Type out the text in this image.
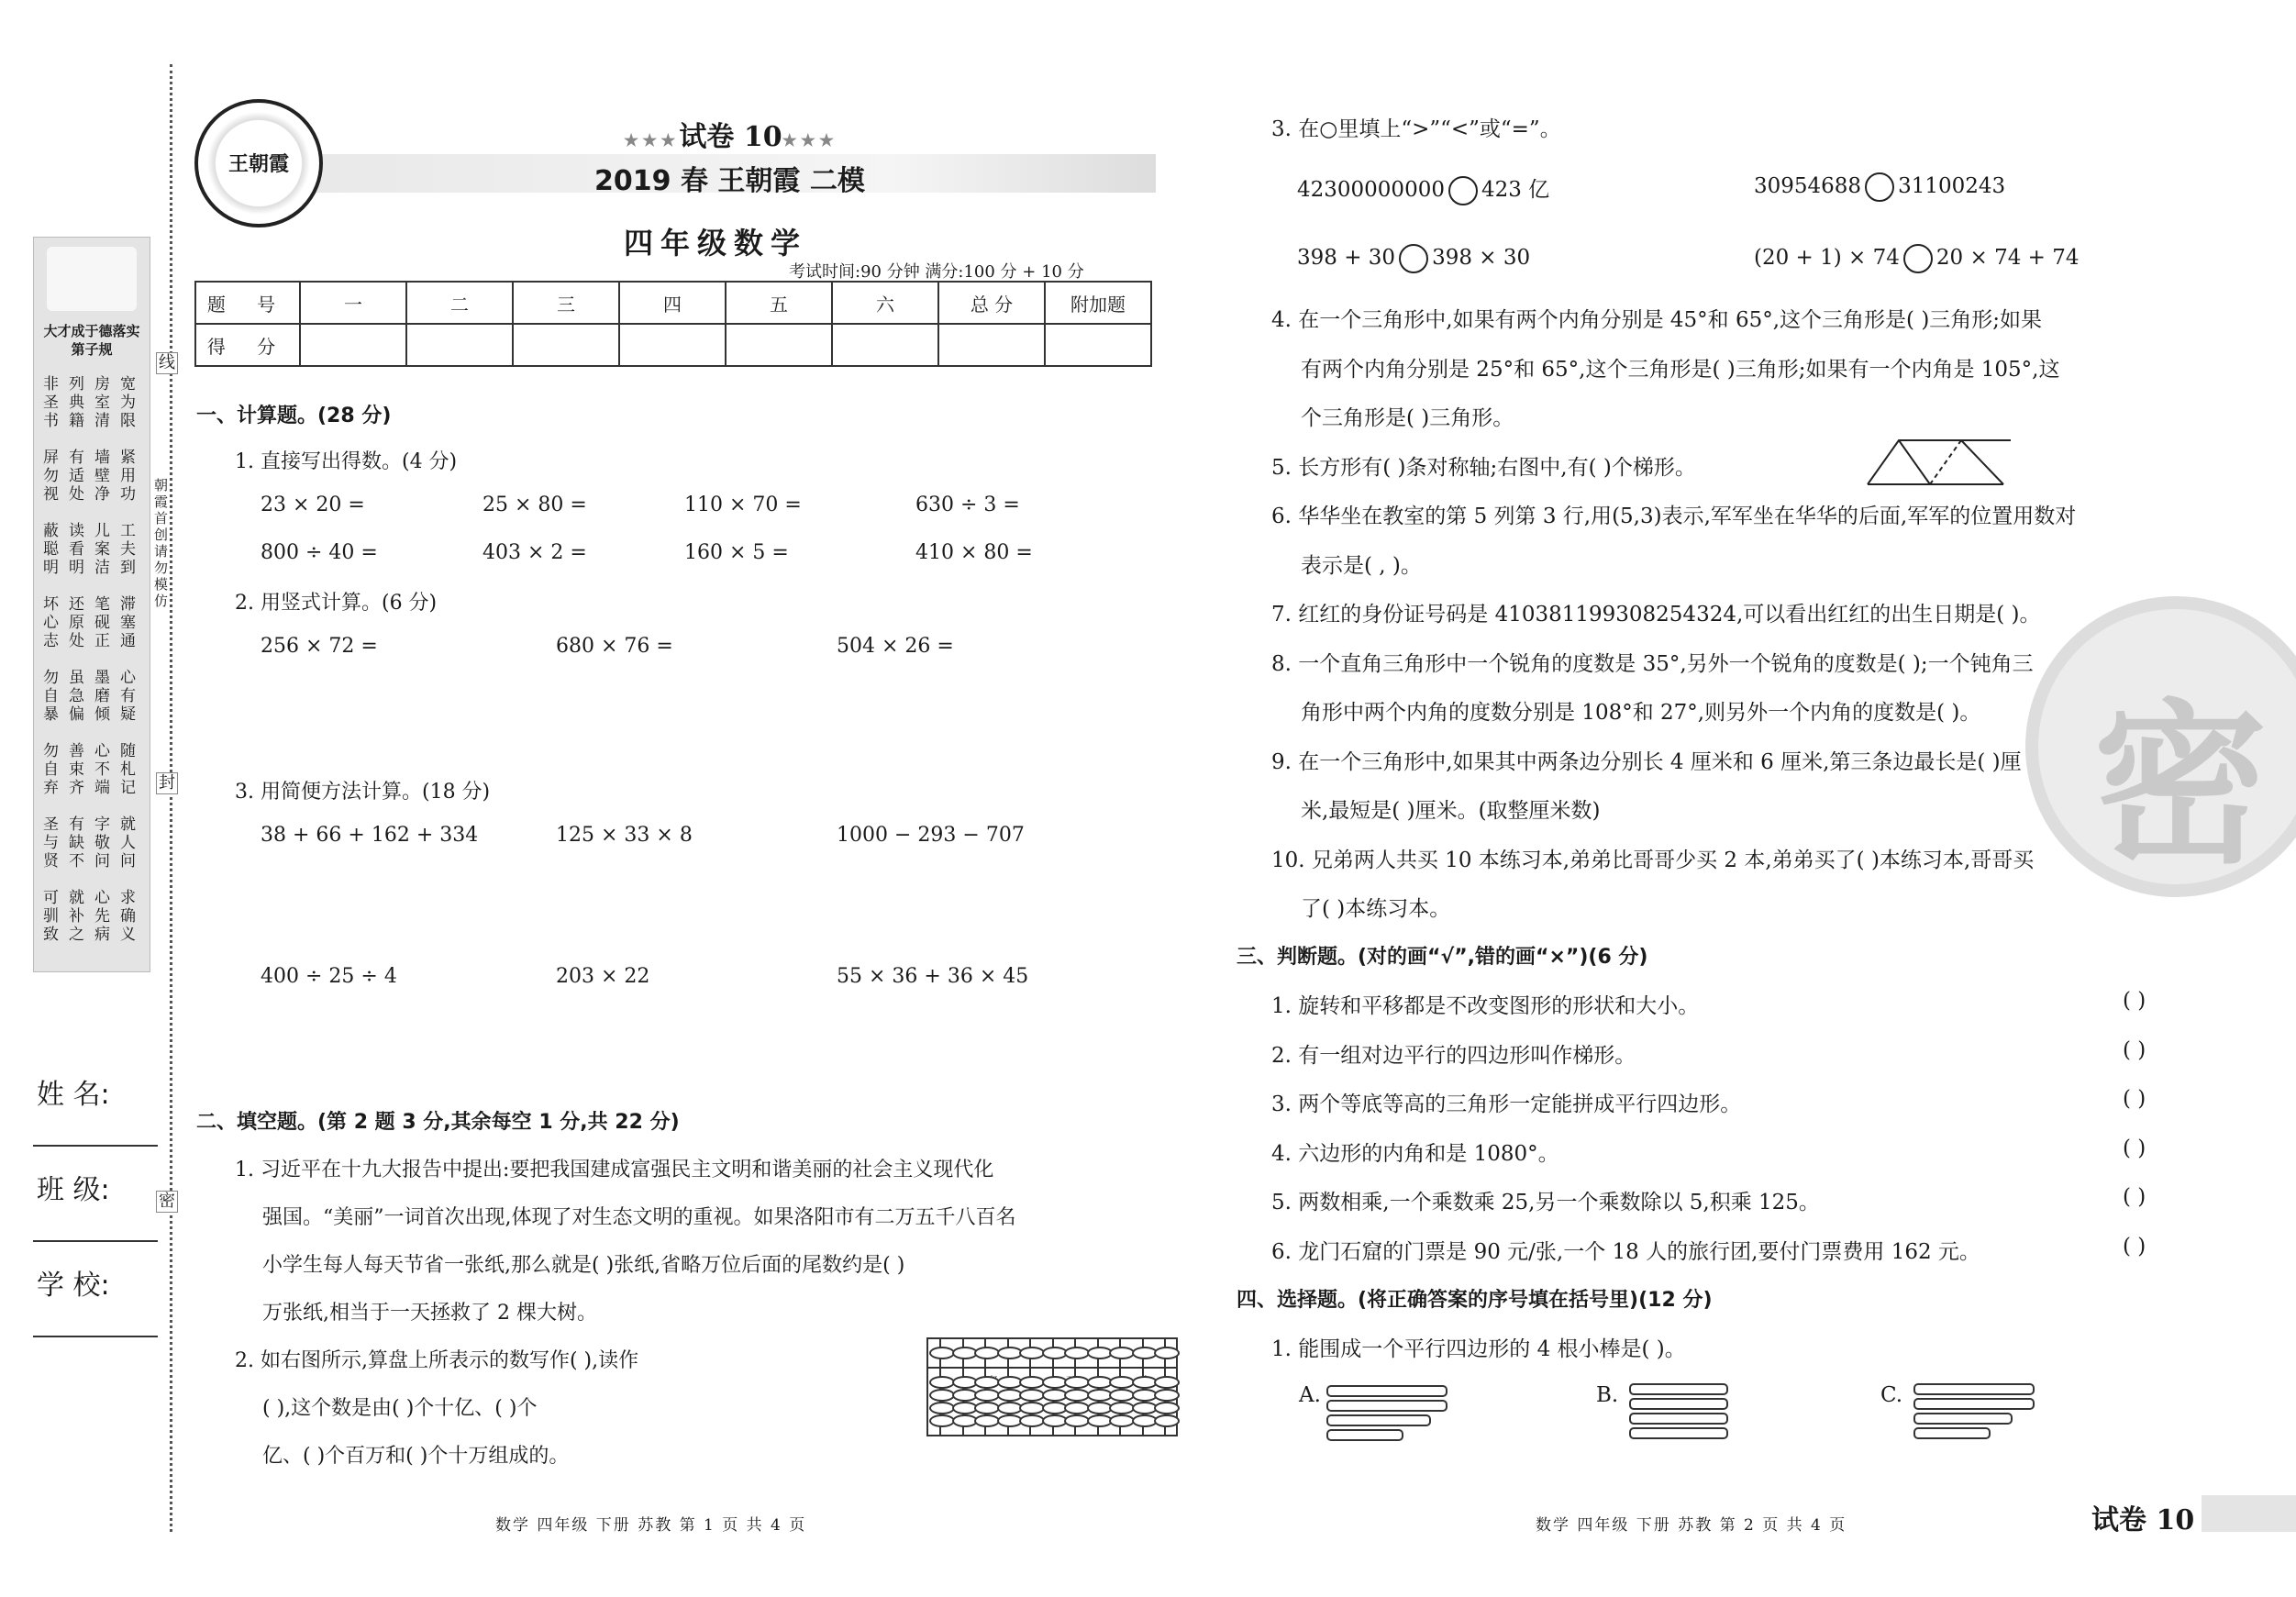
大才成于德落实第子规
非圣书
列典籍
房室清
宽为限
屏勿视
有适处
墙壁净
紧用功
蔽聪明
读看明
儿案洁
工夫到
坏心志
还原处
笔砚正
滞塞通
勿自暴
虽急偏
墨磨倾
心有疑
勿自弃
善束齐
心不端
随札记
圣与贤
有缺不
字敬问
就人问
可驯致
就补之
心先病
求确义
线
封
密
朝霞首创请勿模仿
姓 名:
班 级:
学 校:
王朝霞
★★★试卷 10★★★
2019 春 王朝霞 二模
四年级数学
考试时间:90 分钟 满分:100 分 + 10 分
题 号	一	二	三	四	五	六	总 分	附加题
得 分								
一、计算题。(28 分)
1. 直接写出得数。(4 分)
23 × 20 =	25 × 80 =	110 × 70 =	630 ÷ 3 =
800 ÷ 40 =	403 × 2 =	160 × 5 =	410 × 80 =
2. 用竖式计算。(6 分)
256 × 72 =	680 × 76 =	504 × 26 =
3. 用简便方法计算。(18 分)
38 + 66 + 162 + 334	125 × 33 × 8	1000 − 293 − 707
400 ÷ 25 ÷ 4	203 × 22	55 × 36 + 36 × 45
二、填空题。(第 2 题 3 分,其余每空 1 分,共 22 分)
1. 习近平在十九大报告中提出:要把我国建成富强民主文明和谐美丽的社会主义现代化
强国。“美丽”一词首次出现,体现了对生态文明的重视。如果洛阳市有二万五千八百名
小学生每人每天节省一张纸,那么就是( )张纸,省略万位后面的尾数约是( )
万张纸,相当于一天拯救了 2 棵大树。
2. 如右图所示,算盘上所表示的数写作( ),读作
( ),这个数是由( )个十亿、( )个
亿、( )个百万和( )个十万组成的。
密
3. 在○里填上“>”“<”或“=”。
42300000000 423 亿	30954688 31100243
398 + 30 398 × 30	(20 + 1) × 74 20 × 74 + 74
4. 在一个三角形中,如果有两个内角分别是 45°和 65°,这个三角形是( )三角形;如果
有两个内角分别是 25°和 65°,这个三角形是( )三角形;如果有一个内角是 105°,这
个三角形是( )三角形。
5. 长方形有( )条对称轴;右图中,有( )个梯形。
6. 华华坐在教室的第 5 列第 3 行,用(5,3)表示,军军坐在华华的后面,军军的位置用数对
表示是( , )。
7. 红红的身份证号码是 410381199308254324,可以看出红红的出生日期是( )。
8. 一个直角三角形中一个锐角的度数是 35°,另外一个锐角的度数是( );一个钝角三
角形中两个内角的度数分别是 108°和 27°,则另外一个内角的度数是( )。
9. 在一个三角形中,如果其中两条边分别长 4 厘米和 6 厘米,第三条边最长是( )厘
米,最短是( )厘米。(取整厘米数)
10. 兄弟两人共买 10 本练习本,弟弟比哥哥少买 2 本,弟弟买了( )本练习本,哥哥买
了( )本练习本。
三、判断题。(对的画“√”,错的画“×”)(6 分)
1. 旋转和平移都是不改变图形的形状和大小。	( )
2. 有一组对边平行的四边形叫作梯形。	( )
3. 两个等底等高的三角形一定能拼成平行四边形。	( )
4. 六边形的内角和是 1080°。	( )
5. 两数相乘,一个乘数乘 25,另一个乘数除以 5,积乘 125。	( )
6. 龙门石窟的门票是 90 元/张,一个 18 人的旅行团,要付门票费用 162 元。	( )
四、选择题。(将正确答案的序号填在括号里)(12 分)
1. 能围成一个平行四边形的 4 根小棒是( )。
A.	B.	C.
数学 四年级 下册 苏教 第 1 页 共 4 页	数学 四年级 下册 苏教 第 2 页 共 4 页	试卷 10
